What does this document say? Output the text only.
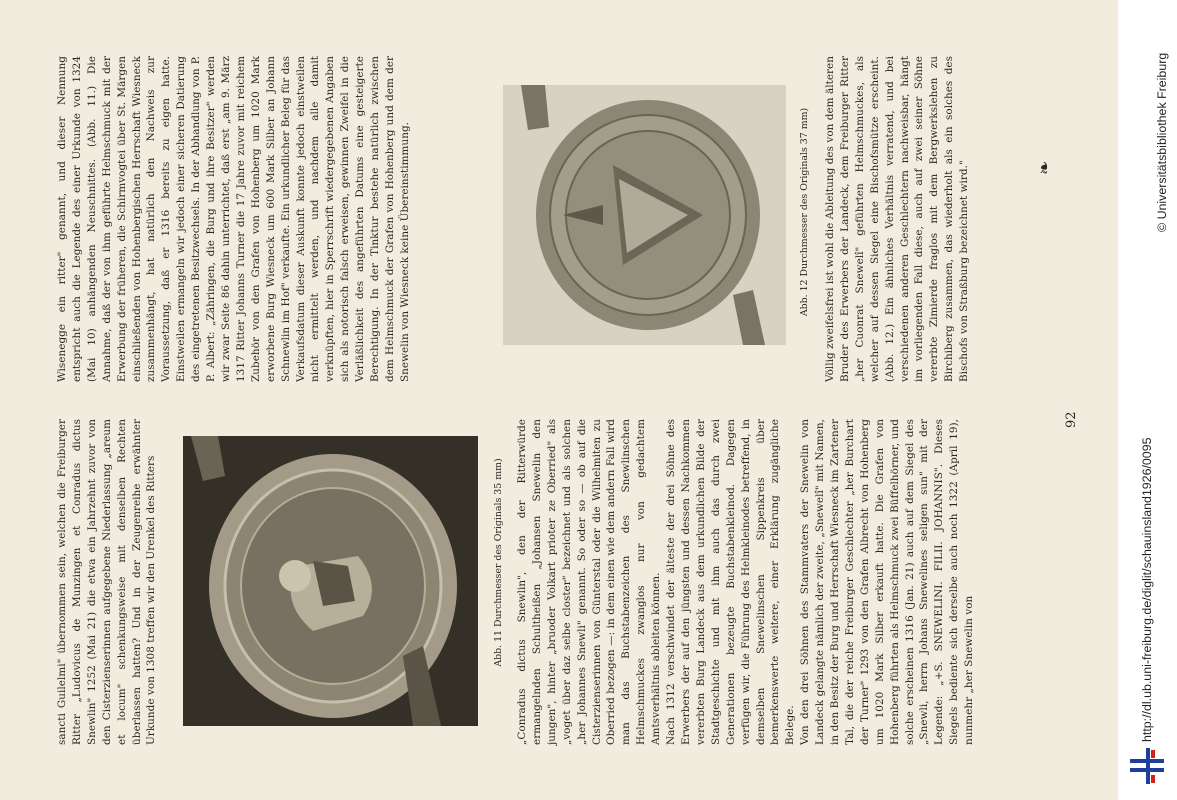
sancti Guilelmi" übernommen sein, welchen die Freiburger Ritter „Ludovicus de Munzingen et Conradus dictus Snewlin" 1252 (Mai 21) die etwa ein Jahrzehnt zuvor von den Cisterzienserinnen aufgegebene Niederlassung „areum et locum" schenkungsweise mit denselben Rechten überlassen hatten? Und in der Zeugenreihe erwähnter Urkunde von 1308 treffen wir den Urenkel des Ritters	Abb. 11 Durchmesser des Originals 35 mm)

„Conradus dictus Snewlin", den der Ritterwürde ermangelnden Schultheißen „Johansen Snewelin den jungen", hinter „bruoder Volkart prioter ze Oberried" als „voget über daz selbe closter" bezeichnet und als solchen „her Johannes Snewli" genannt. So oder so — ob auf die Cisterzienserinnen von Günterstal oder die Wilhelmiten zu Oberried bezogen —: in dem einen wie dem andern Fall wird man das Buchstabenzeichen des Snewlinschen Helmschmuckes zwanglos nur von gedachtem Amtsverhältnis ableiten können.
Nach 1312 verschwindet der älteste der drei Söhne des Erwerbers der auf den jüngsten und dessen Nachkommen vererbten Burg Landeck aus dem urkundlichen Bilde der Stadtgeschichte und mit ihm auch das durch zwei Generationen bezeugte Buchstabenkleinod. Dagegen verfügen wir, die Führung des Helmkleinodes betreffend, in demselben Snewelinschen Sippenkreis über bemerkenswerte weitere, einer Erklärung zugängliche Belege.
Von den drei Söhnen des Stammvaters der Snewelin von Landeck gelangte nämlich der zweite, „Snewelî" mit Namen, in den Besitz der Burg und Herrschaft Wiesneck im Zartener Tal, die der reiche Freiburger Geschlechter „her Burchart der Turner" 1293 von den Grafen Albrecht von Hohenberg um 1020 Mark Silber erkauft hatte. Die Grafen von Hohenberg führten als Helmschmuck zwei Büffelhörner, und solche erscheinen 1316 (Jan. 21) auch auf dem Siegel des „Snewli, herrn Johans Snewelines seligen sun" mit der Legende: „+S. SNEWELINI. FILII. JOHANNIS". Dieses Siegels bediente sich derselbe auch noch 1322 (April 19), nunmehr „her Snewelin von

Wisenegge ein ritter" genannt, und dieser Nennung entspricht auch die Legende des einer Urkunde von 1324 (Mai 10) anhängenden Neuschnittes. (Abb. 11.) Die Annahme, daß der von ihm geführte Helmschmuck mit der Erwerbung der früheren, die Schirmvogtei über St. Märgen einschließenden von Hohenbergischen Herrschaft Wiesneck zusammenhängt, hat natürlich den Nachweis zur Voraussetzung, daß er 1316 bereits zu eigen hatte. Einstweilen ermangeln wir jedoch einer sicheren Datierung des eingetretenen Besitzwechsels. In der Abhandlung von P. P. Albert: „Zähringen, die Burg und ihre Besitzer" werden wir zwar Seite 86 dahin unterrichtet, daß erst „am 9. März 1317 Ritter Johanns Turner die 17 Jahre zuvor mit reichem Zubehör von den Grafen von Hohenberg um 1020 Mark erworbene Burg Wiesneck um 600 Mark Silber an Johann Schnewlin im Hof" verkaufte. Ein urkundlicher Beleg für das Verkaufsdatum dieser Auskunft konnte jedoch einstweilen nicht ermittelt werden, und nachdem alle damit verknüpften, hier in Sperrschrift wiedergegebenen Angaben sich als notorisch falsch erweisen, gewinnen Zweifel in die Verläßlichkeit des angeführten Datums eine gesteigerte Berechtigung. In der Tinktur bestehe natürlich zwischen dem Helmschmuck der Grafen von Hohenberg und dem der Snewelin von Wiesneck keine Übereinstimmung.	Abb. 12 Durchmesser des Originals 37 mm) Völlig zweifelsfrei ist wohl die Ableitung des von dem älteren Bruder des Erwerbers der Landeck, dem Freiburger Ritter „her Cuonrat Snewelî" geführten Helmschmuckes, als welcher auf dessen Siegel eine Bischofsmütze erscheint. (Abb. 12.) Ein ähnliches Verhältnis verratend, und bei verschiedenen anderen Geschlechtern nachweisbar, hängt im vorliegenden Fall diese, auch auf zwei seiner Söhne vererbte Zimierde fraglos mit dem Bergwerkslehen zu Birchiberg zusammen, das wiederholt als ein solches des Bischofs von Straßburg bezeichnet wird."	❧
92
http://dl.ub.uni-freiburg.de/diglit/schauinsland1926/0095
© Universitätsbibliothek Freiburg
